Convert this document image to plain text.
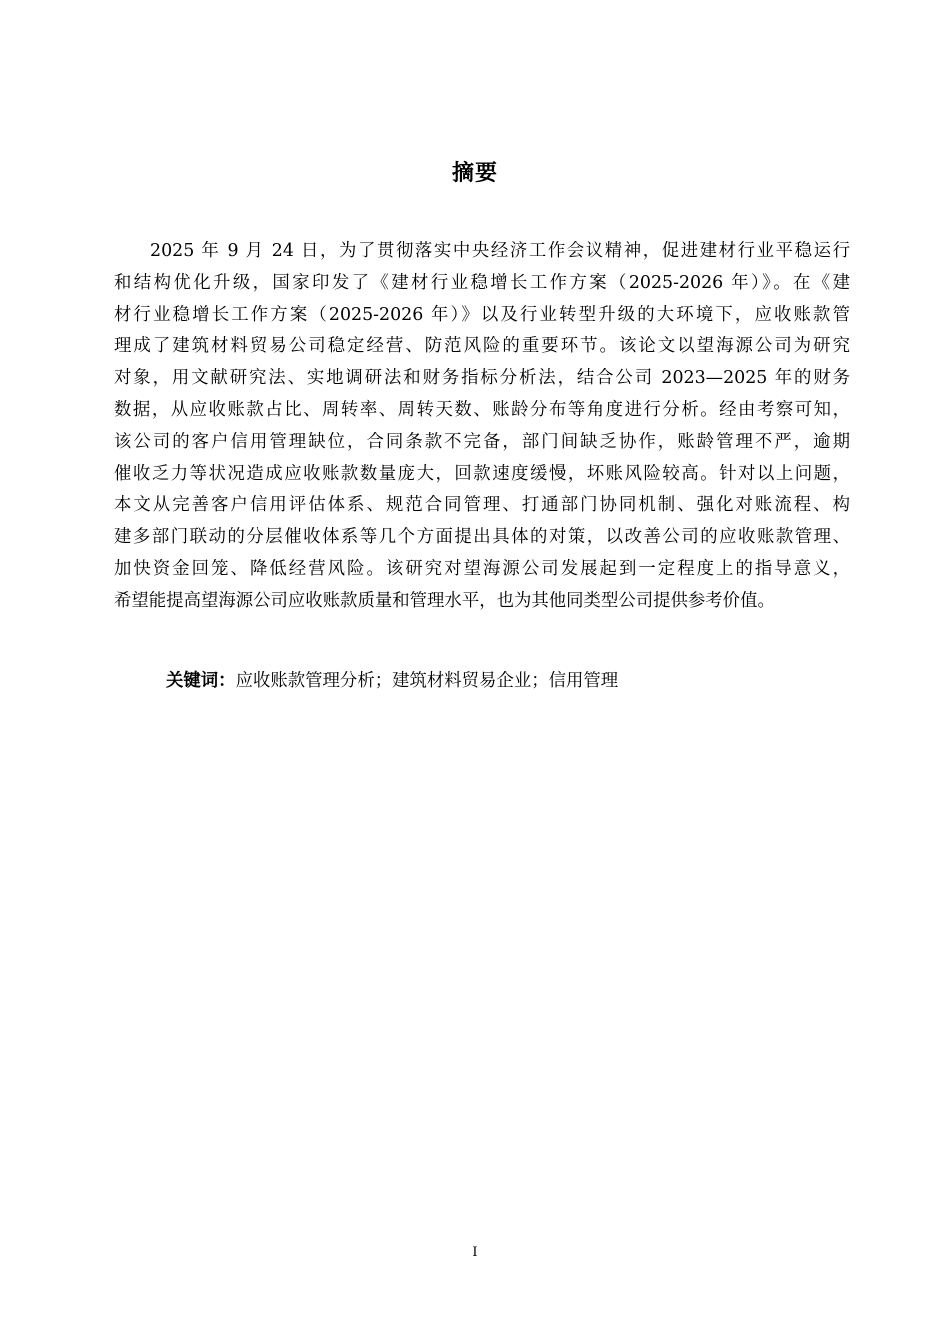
摘要
2025 年 9 月 24 日，为了贯彻落实中央经济工作会议精神，促进建材行业平稳运行
和结构优化升级，国家印发了《建材行业稳增长工作方案（2025-2026 年）》。在《建
材行业稳增长工作方案（2025-2026 年）》以及行业转型升级的大环境下，应收账款管
理成了建筑材料贸易公司稳定经营、防范风险的重要环节。该论文以望海源公司为研究
对象，用文献研究法、实地调研法和财务指标分析法，结合公司 2023—2025 年的财务
数据，从应收账款占比、周转率、周转天数、账龄分布等角度进行分析。经由考察可知，
该公司的客户信用管理缺位，合同条款不完备，部门间缺乏协作，账龄管理不严，逾期
催收乏力等状况造成应收账款数量庞大，回款速度缓慢，坏账风险较高。针对以上问题，
本文从完善客户信用评估体系、规范合同管理、打通部门协同机制、强化对账流程、构
建多部门联动的分层催收体系等几个方面提出具体的对策，以改善公司的应收账款管理、
加快资金回笼、降低经营风险。该研究对望海源公司发展起到一定程度上的指导意义，
希望能提高望海源公司应收账款质量和管理水平，也为其他同类型公司提供参考价值。
关键词：应收账款管理分析；建筑材料贸易企业；信用管理
I
